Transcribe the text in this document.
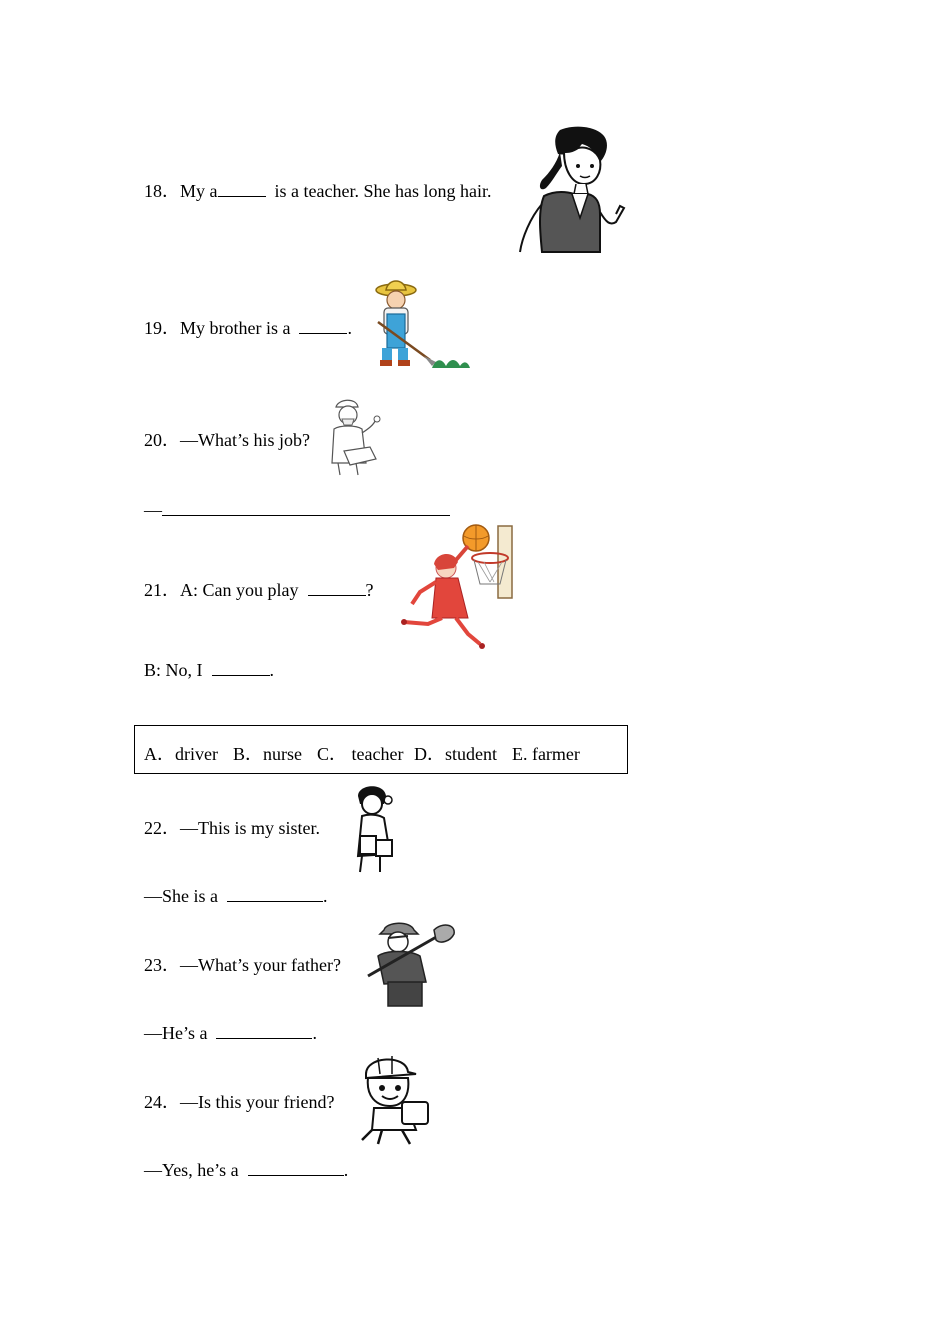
18．My a	is a teacher. She has long hair.
19．My brother is a	.
20．—What’s his job?
—
21．A: Can you play	?
B: No, I	.
A．driver B．nurse C． teacher D．student E. farmer
22．—This is my sister.
—She is a	.
23．—What’s your father?
—He’s a	.
24．—Is this your friend?
—Yes, he’s a	.
